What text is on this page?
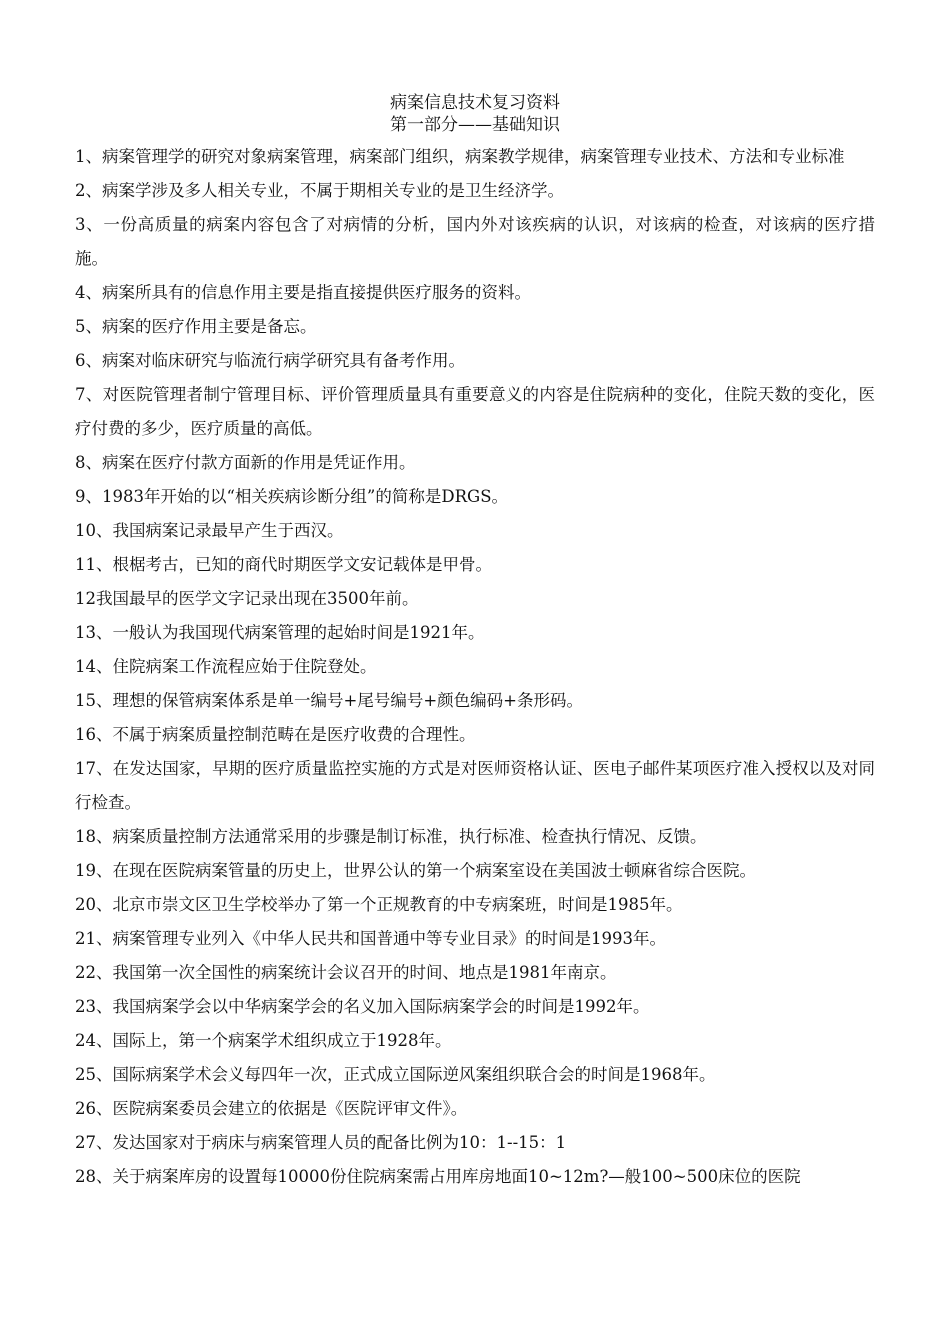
病案信息技术复习资料

第一部分——基础知识

1、病案管理学的研究对象病案管理，病案部门组织，病案教学规律，病案管理专业技术、方法和专业标准

2、病案学涉及多人相关专业，不属于期相关专业的是卫生经济学。

3、一份高质量的病案内容包含了对病情的分析，国内外对该疾病的认识，对该病的检查，对该病的医疗措施。

4、病案所具有的信息作用主要是指直接提供医疗服务的资料。

5、病案的医疗作用主要是备忘。

6、病案对临床研究与临流行病学研究具有备考作用。

7、对医院管理者制宁管理目标、评价管理质量具有重要意义的内容是住院病种的变化，住院天数的变化，医疗付费的多少，医疗质量的高低。

8、病案在医疗付款方面新的作用是凭证作用。

9、1983年开始的以“相关疾病诊断分组”的简称是DRGS。

10、我国病案记录最早产生于西汉。

11、根椐考古，已知的商代时期医学文安记载体是甲骨。

12我国最早的医学文字记录出现在3500年前。

13、一般认为我国现代病案管理的起始时间是1921年。

14、住院病案工作流程应始于住院登处。

15、理想的保管病案体系是单一编号+尾号编号+颜色编码+条形码。

16、不属于病案质量控制范畴在是医疗收费的合理性。

17、在发达国家，早期的医疗质量监控实施的方式是对医师资格认证、医电子邮件某项医疗准入授权以及对同行检查。

18、病案质量控制方法通常采用的步骤是制订标准，执行标准、检查执行情况、反馈。

19、在现在医院病案管量的历史上，世界公认的第一个病案室设在美国波士顿麻省综合医院。

20、北京市崇文区卫生学校举办了第一个正规教育的中专病案班，时间是1985年。

21、病案管理专业列入《中华人民共和国普通中等专业目录》的时间是1993年。

22、我国第一次全国性的病案统计会议召开的时间、地点是1981年南京。

23、我国病案学会以中华病案学会的名义加入国际病案学会的时间是1992年。

24、国际上，第一个病案学术组织成立于1928年。

25、国际病案学术会义每四年一次，正式成立国际逆风案组织联合会的时间是1968年。

26、医院病案委员会建立的依据是《医院评审文件》。

27、发达国家对于病床与病案管理人员的配备比例为10：1--15：1

28、关于病案库房的设置每10000份住院病案需占用库房地面10~12m?—般100~500床位的医院
